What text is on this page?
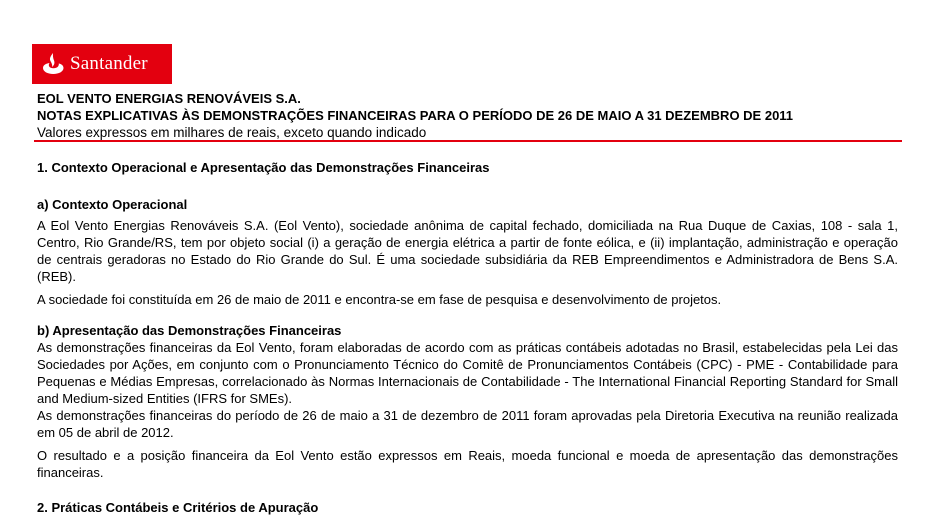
Santander
EOL VENTO ENERGIAS RENOVÁVEIS S.A.
NOTAS EXPLICATIVAS ÀS DEMONSTRAÇÕES FINANCEIRAS PARA O PERÍODO DE 26 DE MAIO A 31 DEZEMBRO DE 2011
Valores expressos em milhares de reais, exceto quando indicado
1. Contexto Operacional e Apresentação das Demonstrações Financeiras
a) Contexto Operacional

A Eol Vento Energias Renováveis S.A. (Eol Vento), sociedade anônima de capital fechado, domiciliada na Rua Duque de Caxias, 108 - sala 1, Centro, Rio Grande/RS, tem por objeto social (i) a geração de energia elétrica a partir de fonte eólica, e (ii) implantação, administração e operação de centrais geradoras no Estado do Rio Grande do Sul. É uma sociedade subsidiária da REB Empreendimentos e Administradora de Bens S.A. (REB).

A sociedade foi constituída em 26 de maio de 2011 e encontra-se em fase de pesquisa e desenvolvimento de projetos.

b) Apresentação das Demonstrações Financeiras

As demonstrações financeiras da Eol Vento, foram elaboradas de acordo com as práticas contábeis adotadas no Brasil, estabelecidas pela Lei das Sociedades por Ações, em conjunto com o Pronunciamento Técnico do Comitê de Pronunciamentos Contábeis (CPC) - PME - Contabilidade para Pequenas e Médias Empresas, correlacionado às Normas Internacionais de Contabilidade - The International Financial Reporting Standard for Small and Medium-sized Entities (IFRS for SMEs).

As demonstrações financeiras do período de 26 de maio a 31 de dezembro de 2011 foram aprovadas pela Diretoria Executiva na reunião realizada em 05 de abril de 2012.

O resultado e a posição financeira da Eol Vento estão expressos em Reais, moeda funcional e moeda de apresentação das demonstrações financeiras.

2. Práticas Contábeis e Critérios de Apuração
